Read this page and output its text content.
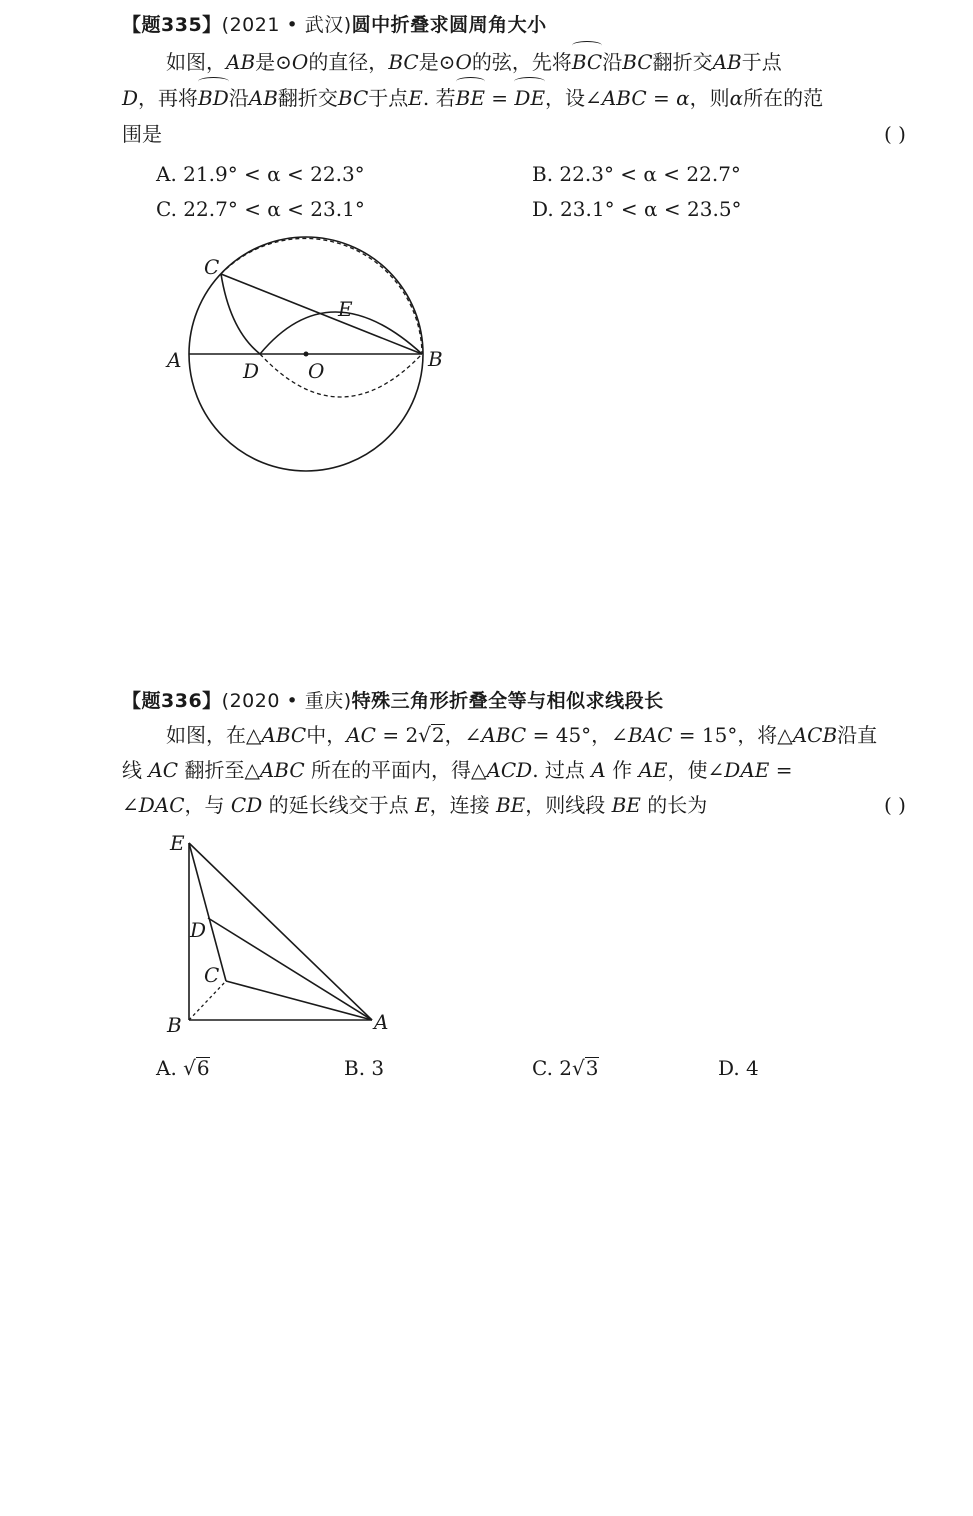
【题335】(2021 • 武汉)圆中折叠求圆周角大小
如图，AB是⊙O的直径，BC是⊙O的弦，先将BC沿BC翻折交AB于点
D，再将BD沿AB翻折交BC于点E. 若BE = DE，设∠ABC = α，则α所在的范
围是	( )
A. 21.9° < α < 22.3°	B. 22.3° < α < 22.7°
C. 22.7° < α < 23.1°	D. 23.1° < α < 23.5°
C
E
A	D O	B
【题336】(2020 • 重庆)特殊三角形折叠全等与相似求线段长
如图，在△ABC中，AC = 2√2，∠ABC = 45°，∠BAC = 15°，将△ACB沿直
线 AC 翻折至△ABC 所在的平面内，得△ACD. 过点 A 作 AE，使∠DAE =
∠DAC，与 CD 的延长线交于点 E，连接 BE，则线段 BE 的长为	( )
E
D
C
B	A
A. √6	B. 3	C. 2√3	D. 4
